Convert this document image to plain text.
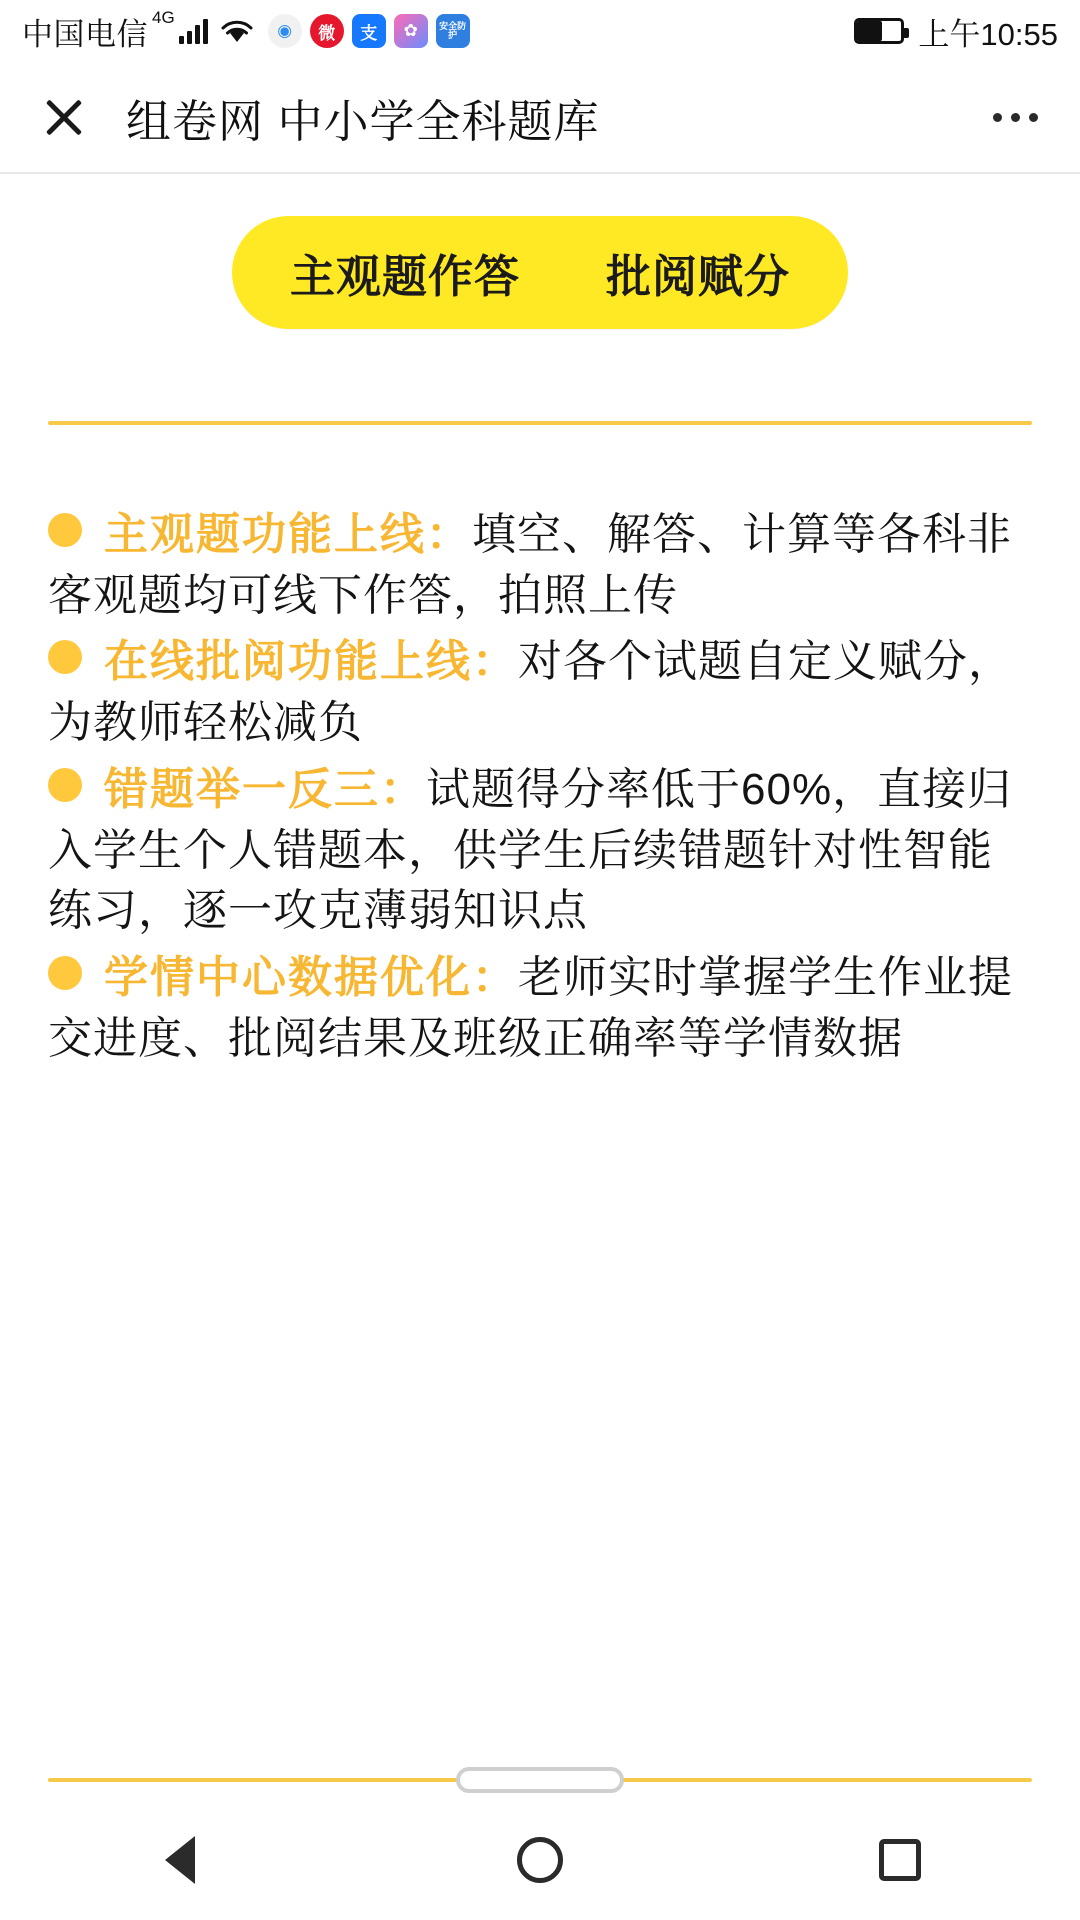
中国电信 4G
◉	微	支	✿	安全防护	上午10:55
组卷网 中小学全科题库
主观题作答 批阅赋分

主观题功能上线：填空、解答、计算等各科非客观题均可线下作答，拍照上传

在线批阅功能上线：对各个试题自定义赋分，为教师轻松减负

错题举一反三：试题得分率低于60%，直接归入学生个人错题本，供学生后续错题针对性智能练习，逐一攻克薄弱知识点

学情中心数据优化：老师实时掌握学生作业提交进度、批阅结果及班级正确率等学情数据
